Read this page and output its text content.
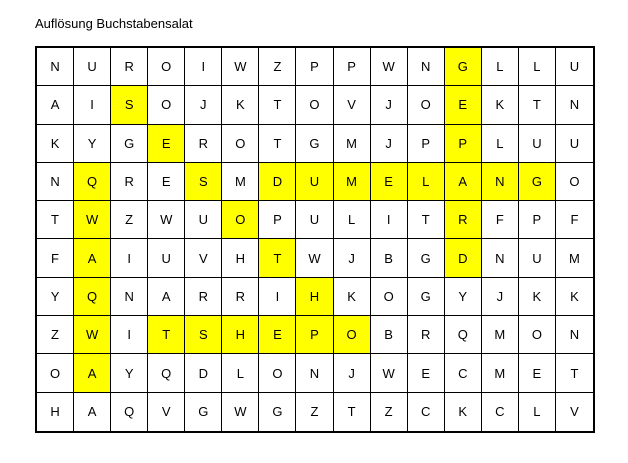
Auflösung Buchstabensalat
N	U	R	O	I	W	Z	P	P	W	N	G	L	L	U
A	I	S	O	J	K	T	O	V	J	O	E	K	T	N
K	Y	G	E	R	O	T	G	M	J	P	P	L	U	U
N	Q	R	E	S	M	D	U	M	E	L	A	N	G	O
T	W	Z	W	U	O	P	U	L	I	T	R	F	P	F
F	A	I	U	V	H	T	W	J	B	G	D	N	U	M
Y	Q	N	A	R	R	I	H	K	O	G	Y	J	K	K
Z	W	I	T	S	H	E	P	O	B	R	Q	M	O	N
O	A	Y	Q	D	L	O	N	J	W	E	C	M	E	T
H	A	Q	V	G	W	G	Z	T	Z	C	K	C	L	V
